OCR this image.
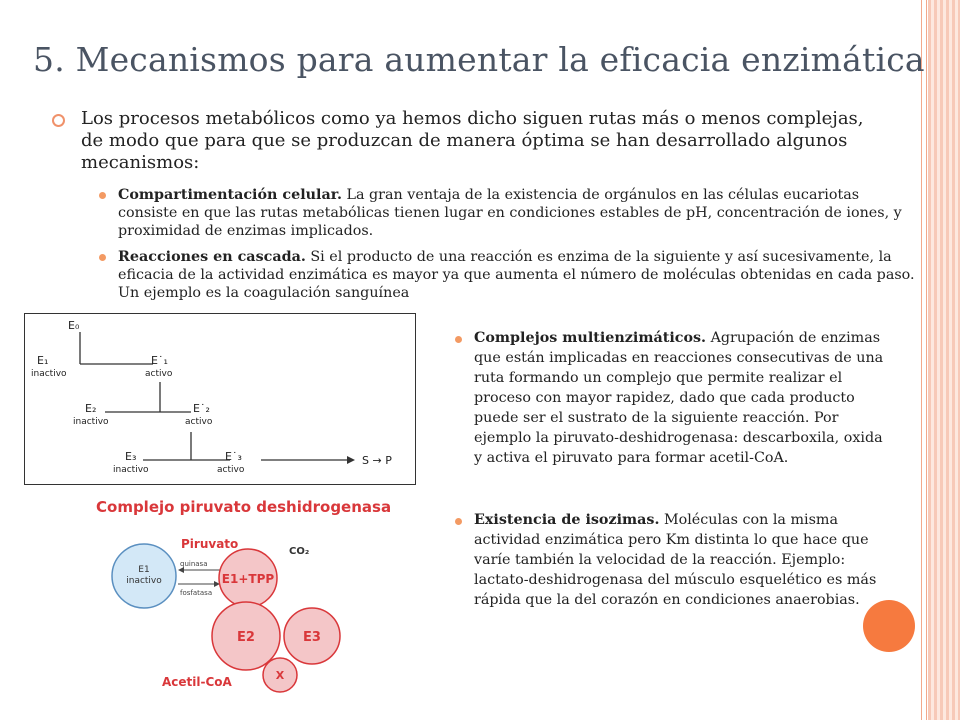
5. Mecanismos para aumentar la eficacia enzimática
Los procesos metabólicos como ya hemos dicho siguen rutas más o menos complejas, de modo que para que se produzcan de manera óptima se han desarrollado algunos mecanismos:
Compartimentación celular. La gran ventaja de la existencia de orgánulos en las células eucariotas consiste en que las rutas metabólicas tienen lugar en condiciones estables de pH, concentración de iones, y proximidad de enzimas implicados.
Reacciones en cascada. Si el producto de una reacción es enzima de la siguiente y así sucesivamente, la eficacia de la actividad enzimática es mayor ya que aumenta el número de moléculas obtenidas en cada paso. Un ejemplo es la coagulación sanguínea
Complejos multienzimáticos. Agrupación de enzimas que están implicadas en reacciones consecutivas de una ruta formando un complejo que permite realizar el proceso con mayor rapidez, dado que cada producto puede ser el sustrato de la siguiente reacción. Por ejemplo la piruvato-deshidrogenasa: descarboxila, oxida y activa el piruvato para formar acetil-CoA.
Existencia de isozimas. Moléculas con la misma actividad enzimática pero Km distinta lo que hace que varíe también la velocidad de la reacción. Ejemplo: lactato-deshidrogenasa del músculo esquelético es más rápida que la del corazón en condiciones anaerobias.
E₀
E₁
inactivo
E˙₁
activo
E₂
inactivo
E˙₂
activo
E₃
inactivo
E˙₃
activo
S → P
Complejo piruvato deshidrogenasa
Piruvato
CO₂
E1
inactivo
quinasa
fosfatasa
E1+TPP
E2	E3
X
Acetil-CoA
